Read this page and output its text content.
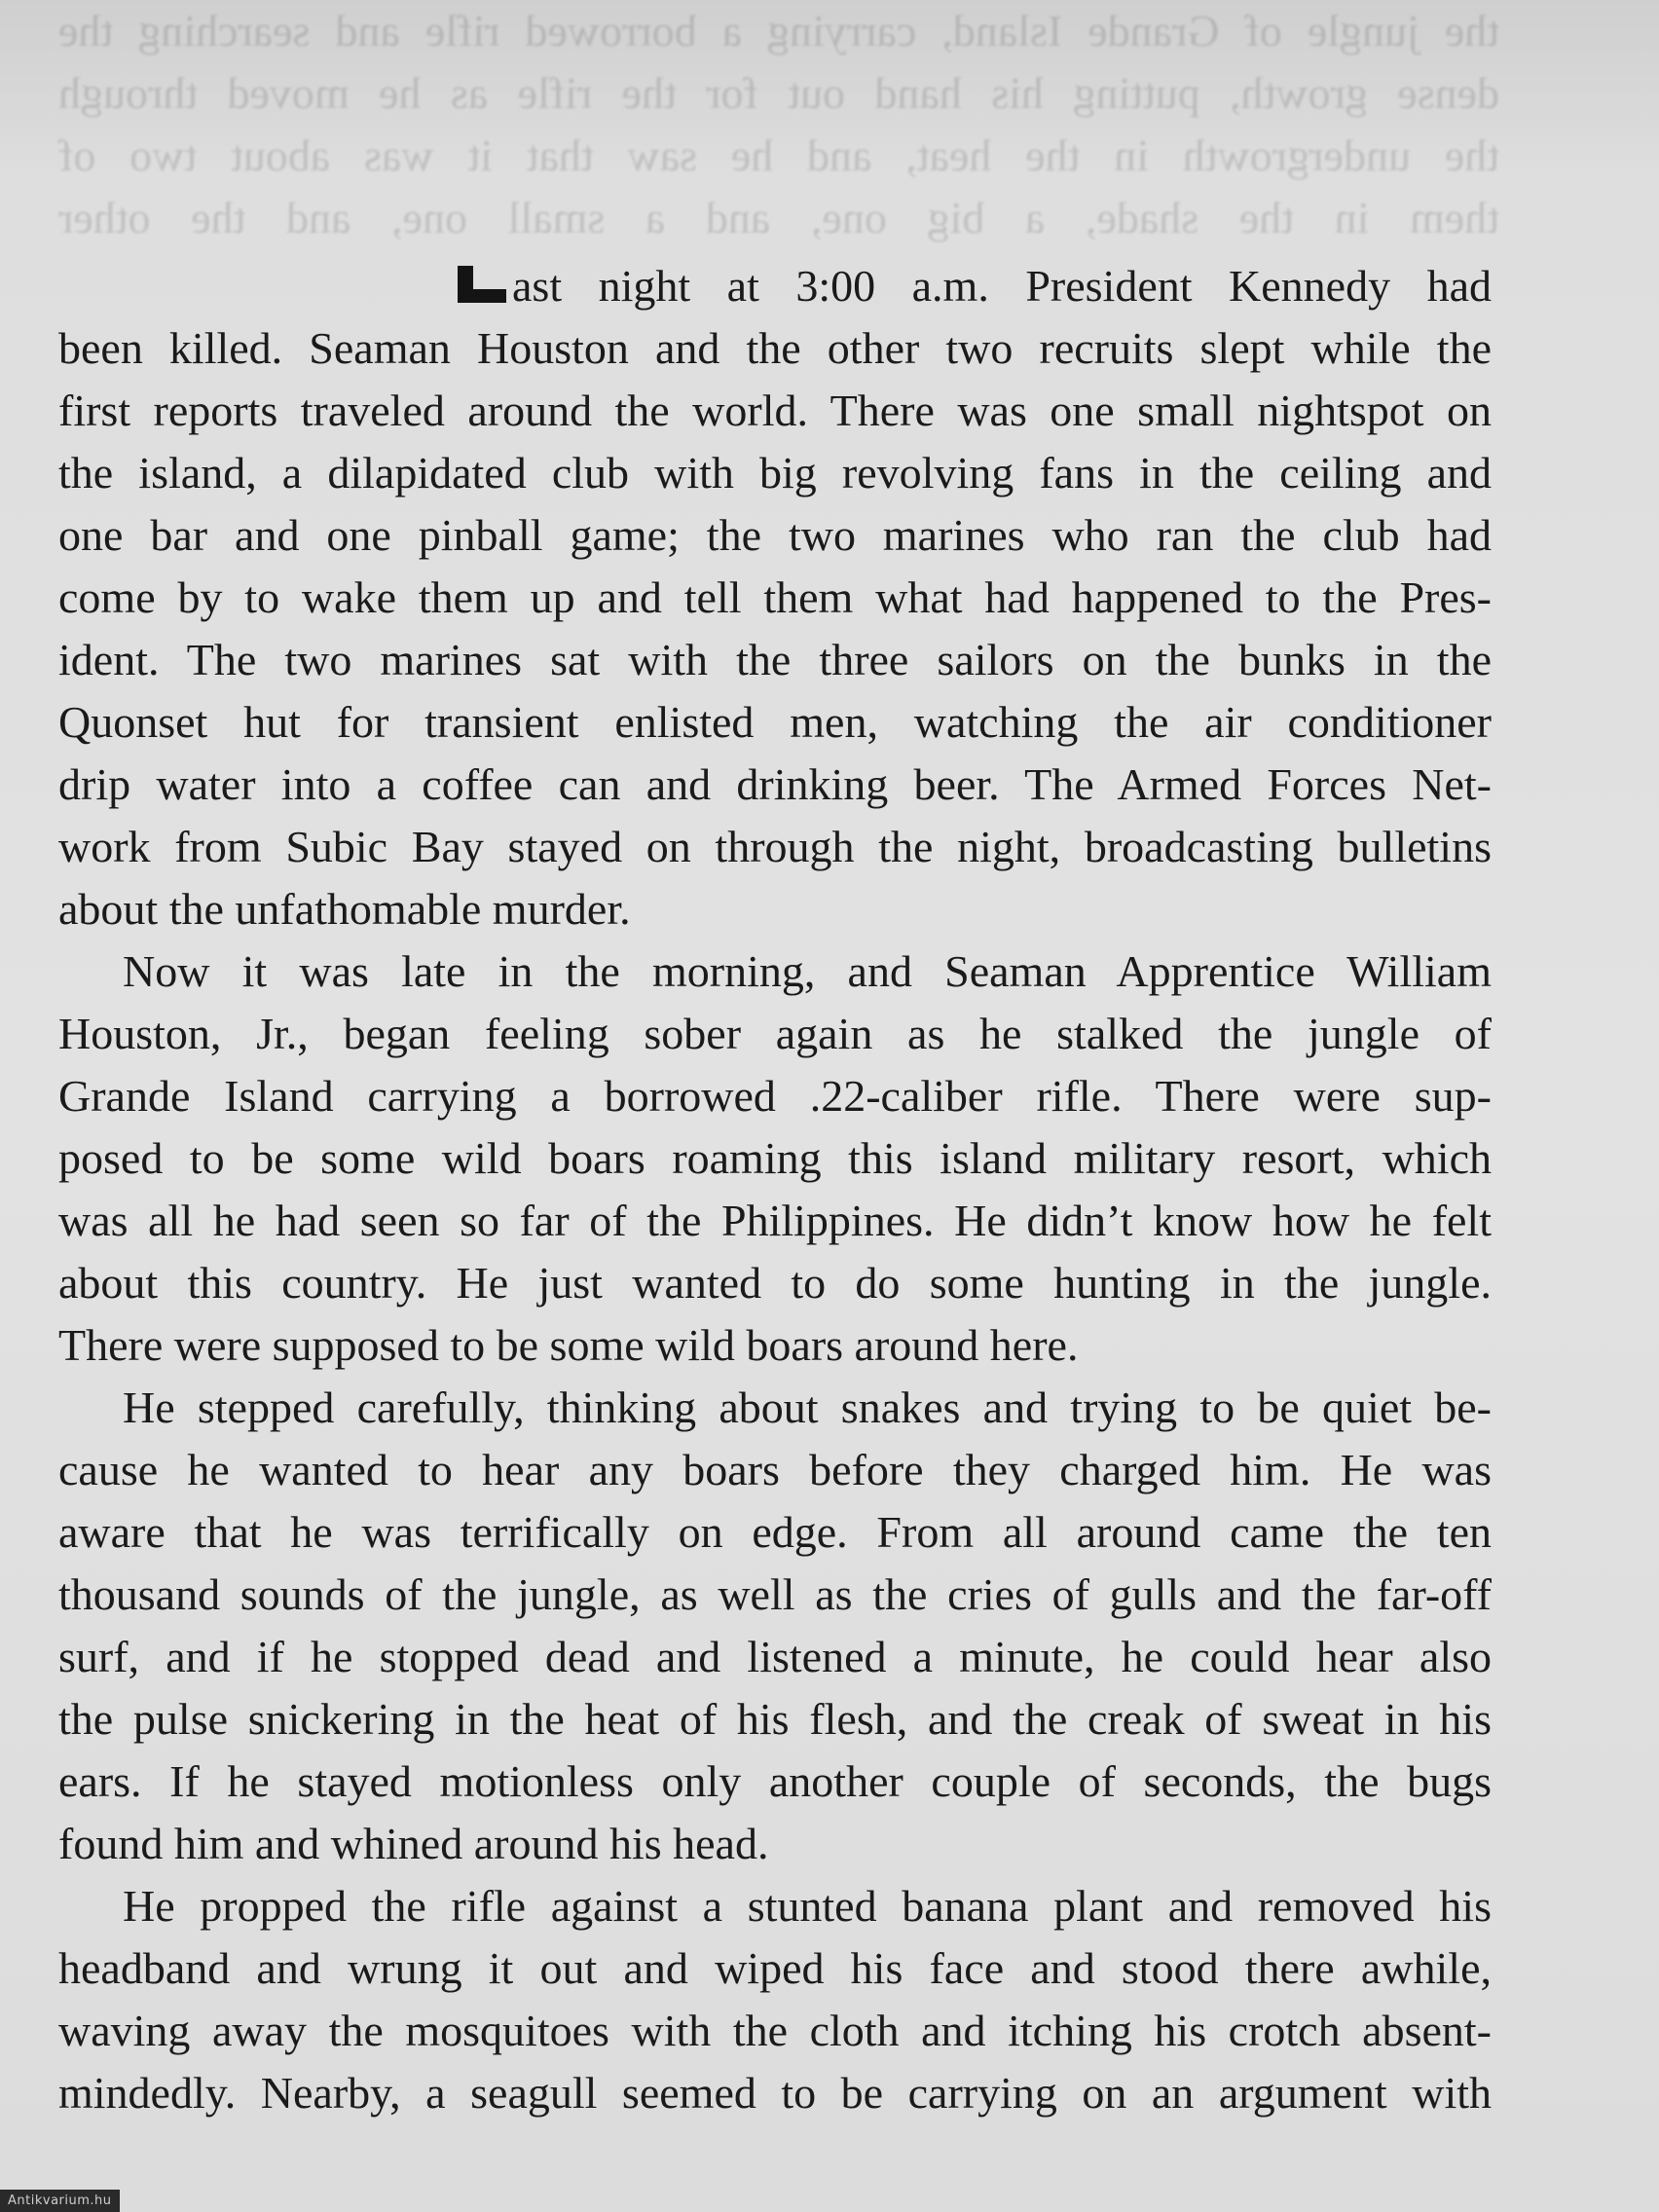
the jungle of Grande Island, carrying a borrowed rifle and searching the
dense growth, putting his hand out for the rifle as he moved through
the undergrowth in the heat, and he saw that it was about two of
them in the shade, a big one, and a small one, and the other
ast night at 3:00 a.m. President Kennedy had
been killed. Seaman Houston and the other two recruits slept while the
first reports traveled around the world. There was one small nightspot on
the island, a dilapidated club with big revolving fans in the ceiling and
one bar and one pinball game; the two marines who ran the club had
come by to wake them up and tell them what had happened to the Pres-
ident. The two marines sat with the three sailors on the bunks in the
Quonset hut for transient enlisted men, watching the air conditioner
drip water into a coffee can and drinking beer. The Armed Forces Net-
work from Subic Bay stayed on through the night, broadcasting bulletins
about the unfathomable murder.
Now it was late in the morning, and Seaman Apprentice William
Houston, Jr., began feeling sober again as he stalked the jungle of
Grande Island carrying a borrowed .22-caliber rifle. There were sup-
posed to be some wild boars roaming this island military resort, which
was all he had seen so far of the Philippines. He didn’t know how he felt
about this country. He just wanted to do some hunting in the jungle.
There were supposed to be some wild boars around here.
He stepped carefully, thinking about snakes and trying to be quiet be-
cause he wanted to hear any boars before they charged him. He was
aware that he was terrifically on edge. From all around came the ten
thousand sounds of the jungle, as well as the cries of gulls and the far-off
surf, and if he stopped dead and listened a minute, he could hear also
the pulse snickering in the heat of his flesh, and the creak of sweat in his
ears. If he stayed motionless only another couple of seconds, the bugs
found him and whined around his head.
He propped the rifle against a stunted banana plant and removed his
headband and wrung it out and wiped his face and stood there awhile,
waving away the mosquitoes with the cloth and itching his crotch absent-
mindedly. Nearby, a seagull seemed to be carrying on an argument with
Antikvarium.hu
